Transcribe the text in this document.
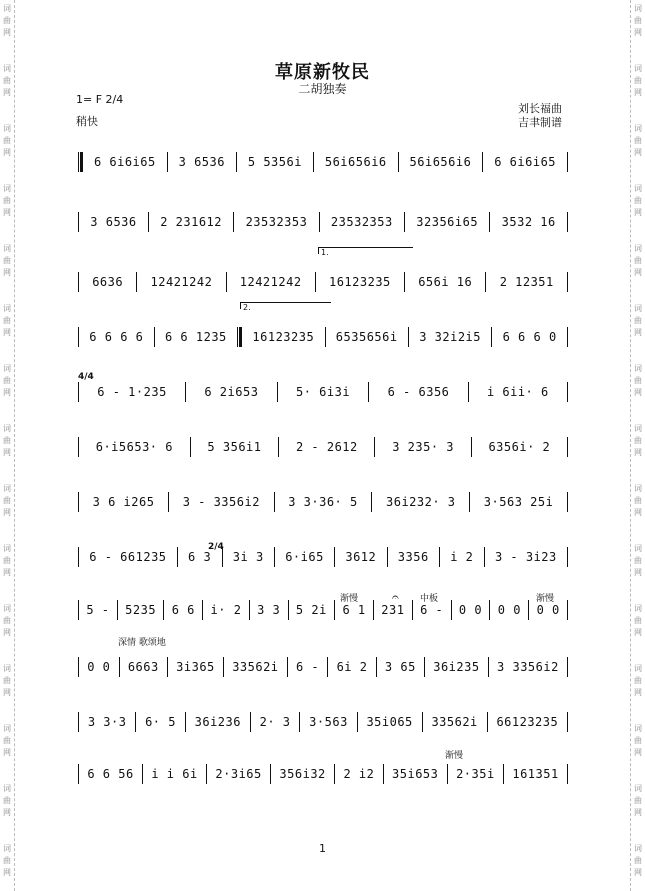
词
曲
网
词
曲
网
词
曲
网
词
曲
网
词
曲
网
词
曲
网
词
曲
网
词
曲
网
词
曲
网
词
曲
网
词
曲
网
词
曲
网
词
曲
网
词
曲
网
词
曲
网
词
曲
网
词
曲
网
词
曲
网
词
曲
网
词
曲
网
词
曲
网
词
曲
网
词
曲
网
词
曲
网
词
曲
网
词
曲
网
词
曲
网
词
曲
网
词
曲
网
词
曲
网
草原新牧民
二胡独奏
1= F 2/4
稍快
刘长福曲
吉聿制谱
6 6i6i65	3 6536	5 5356i	56i656i6	56i656i6	6 6i6i65
3 6536	2 231612	23532353	23532353	32356i65	3532 16
6636	12421242	12421242	16123235	656i 16	2 12351
6 6 6 6	6 6 1235	16123235	6535656i	3 32i2i5	6 6 6 0
6 - 1·235	6 2i653	5· 6i3i	6 - 6356	i 6ii· 6
6·i5653· 6	5 356i1	2 - 2612	3 235· 3	6356i· 2
3 6 i265	3 - 3356i2	3 3·36· 5	36i232· 3	3·563 25i
6 - 661235	6 3	3i 3	6·i65	3612	3356	i 2	3 - 3i23
5 -	5235	6 6	i· 2	3 3	5 2i	6 1	231	6 -	0 0	0 0	0 0
0 0	6663	3i365	33562i	6 -	6i 2	3 65	36i235	3 3356i2
3 3·3	6· 5	36i236	2· 3	3·563	35i065	33562i	66123235
6 6 56	i i 6i	2·3i65	356i32	2 i2	35i653	2·35i	161351
渐慢	中板	渐慢
深情 歌颂地
渐慢
𝄐
1.
2.
4/4
2/4
1
